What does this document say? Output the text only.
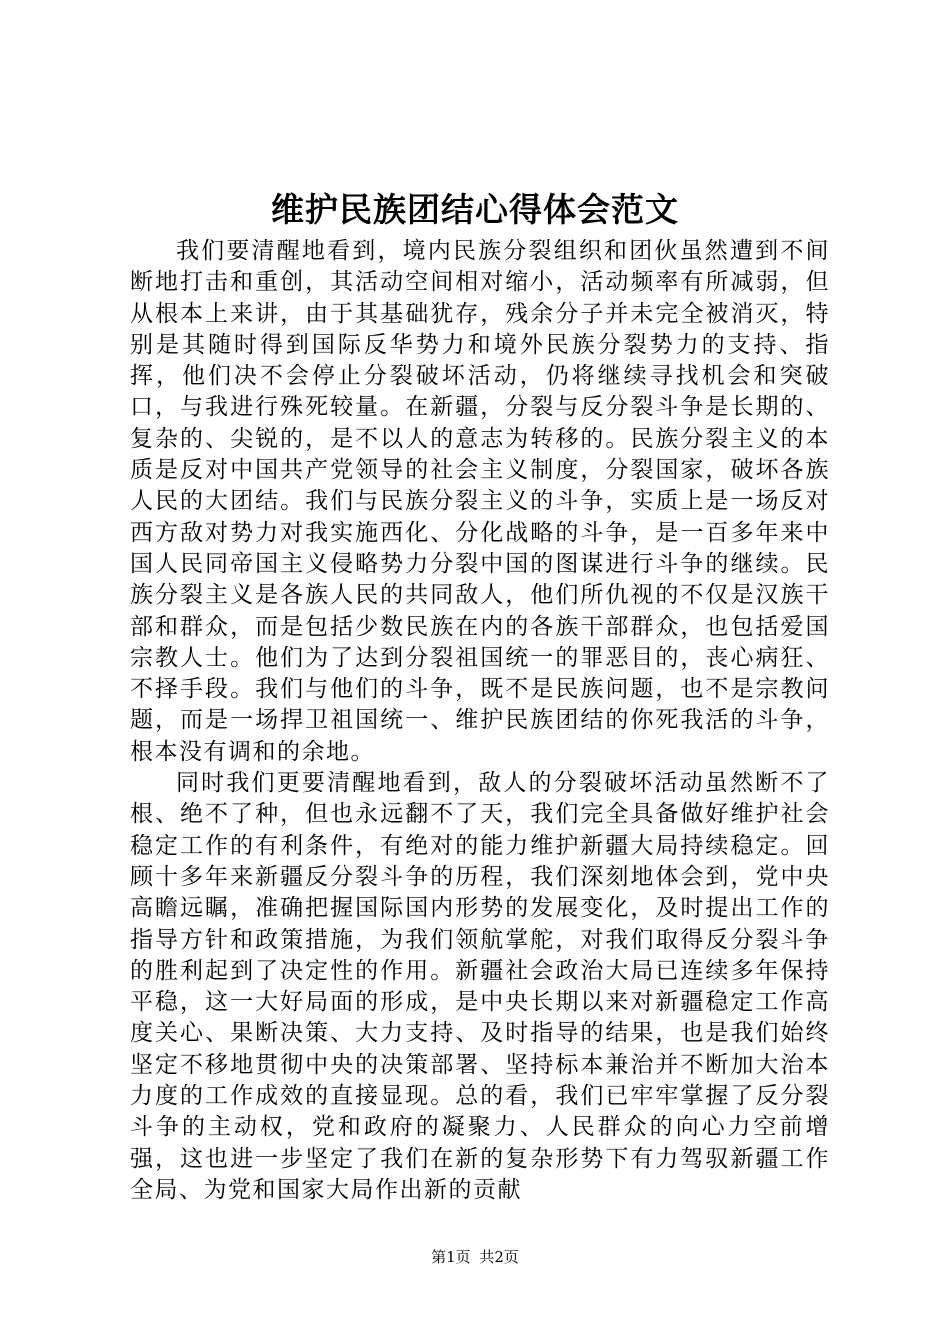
维护民族团结心得体会范文

我们要清醒地看到，境内民族分裂组织和团伙虽然遭到不间断地打击和重创，其活动空间相对缩小，活动频率有所减弱，但从根本上来讲，由于其基础犹存，残余分子并未完全被消灭，特别是其随时得到国际反华势力和境外民族分裂势力的支持、指挥，他们决不会停止分裂破坏活动，仍将继续寻找机会和突破口，与我进行殊死较量。在新疆，分裂与反分裂斗争是长期的、复杂的、尖锐的，是不以人的意志为转移的。民族分裂主义的本质是反对中国共产党领导的社会主义制度，分裂国家，破坏各族人民的大团结。我们与民族分裂主义的斗争，实质上是一场反对西方敌对势力对我实施西化、分化战略的斗争，是一百多年来中国人民同帝国主义侵略势力分裂中国的图谋进行斗争的继续。民族分裂主义是各族人民的共同敌人，他们所仇视的不仅是汉族干部和群众，而是包括少数民族在内的各族干部群众，也包括爱国宗教人士。他们为了达到分裂祖国统一的罪恶目的，丧心病狂、不择手段。我们与他们的斗争，既不是民族问题，也不是宗教问题，而是一场捍卫祖国统一、维护民族团结的你死我活的斗争，根本没有调和的余地。

同时我们更要清醒地看到，敌人的分裂破坏活动虽然断不了根、绝不了种，但也永远翻不了天，我们完全具备做好维护社会稳定工作的有利条件，有绝对的能力维护新疆大局持续稳定。回顾十多年来新疆反分裂斗争的历程，我们深刻地体会到，党中央高瞻远瞩，准确把握国际国内形势的发展变化，及时提出工作的指导方针和政策措施，为我们领航掌舵，对我们取得反分裂斗争的胜利起到了决定性的作用。新疆社会政治大局已连续多年保持平稳，这一大好局面的形成，是中央长期以来对新疆稳定工作高度关心、果断决策、大力支持、及时指导的结果，也是我们始终坚定不移地贯彻中央的决策部署、坚持标本兼治并不断加大治本力度的工作成效的直接显现。总的看，我们已牢牢掌握了反分裂斗争的主动权，党和政府的凝聚力、人民群众的向心力空前增强，这也进一步坚定了我们在新的复杂形势下有力驾驭新疆工作全局、为党和国家大局作出新的贡献

第1页 共2页
